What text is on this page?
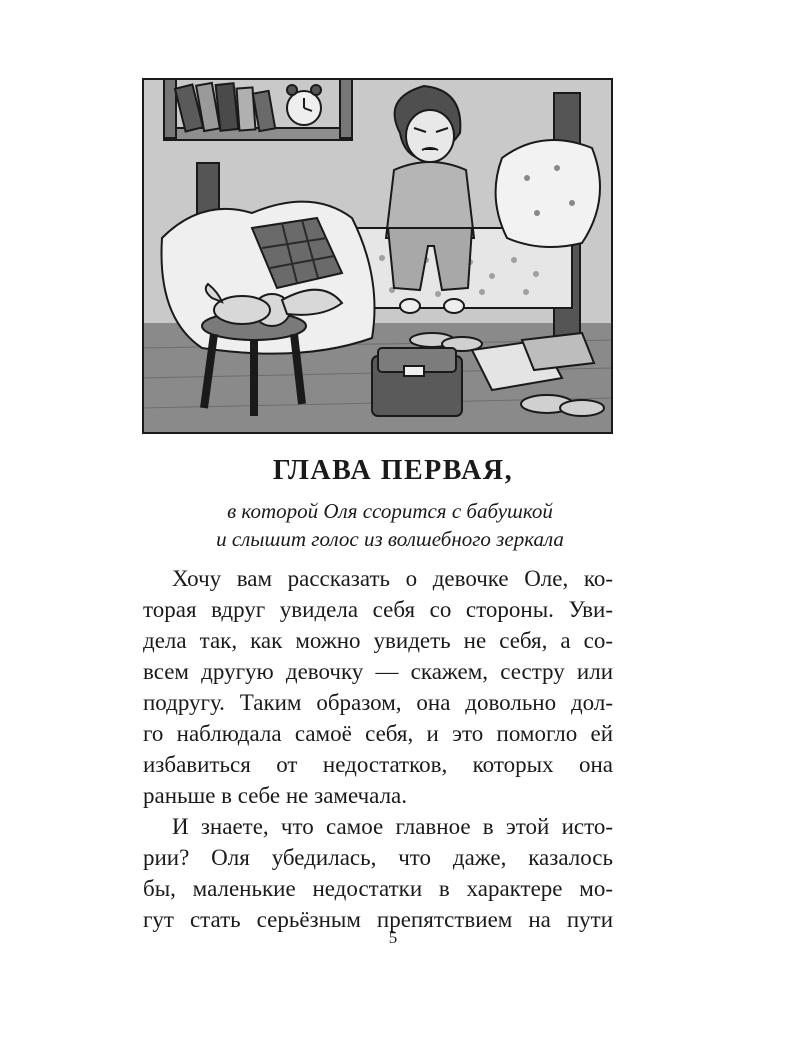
ГЛАВА ПЕРВАЯ,

в которой Оля ссорится с бабушкой

и слышит голос из волшебного зеркала

Хочу вам рассказать о девочке Оле, ко-

торая вдруг увидела себя со стороны. Уви-

дела так, как можно увидеть не себя, а со-

всем другую девочку — скажем, сестру или

подругу. Таким образом, она довольно дол-

го наблюдала самоё себя, и это помогло ей

избавиться от недостатков, которых она

раньше в себе не замечала.

И знаете, что самое главное в этой исто-

рии? Оля убедилась, что даже, казалось

бы, маленькие недостатки в характере мо-

гут стать серьёзным препятствием на пути

5
